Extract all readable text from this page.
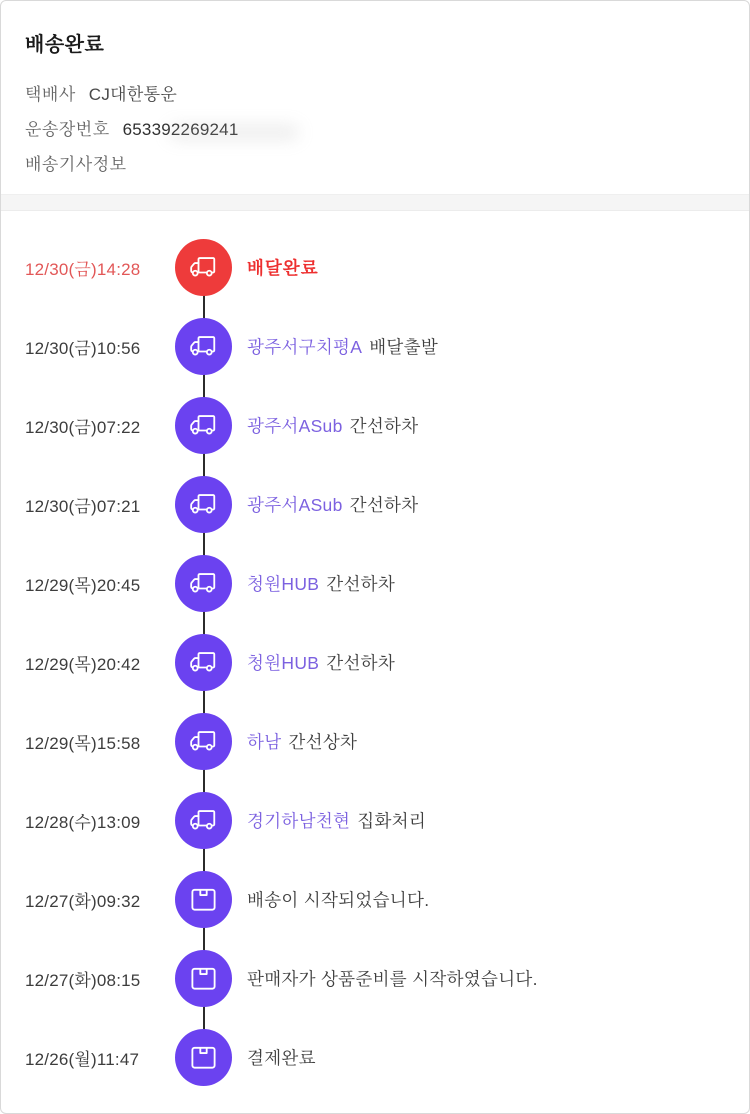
배송완료
택배사 CJ대한통운
운송장번호 653392269241
배송기사정보
12/30(금)14:28	배달완료
12/30(금)10:56	광주서구치평A 배달출발
12/30(금)07:22	광주서ASub 간선하차
12/30(금)07:21	광주서ASub 간선하차
12/29(목)20:45	청원HUB 간선하차
12/29(목)20:42	청원HUB 간선하차
12/29(목)15:58	하남 간선상차
12/28(수)13:09	경기하남천현 집화처리
12/27(화)09:32	배송이 시작되었습니다.
12/27(화)08:15	판매자가 상품준비를 시작하였습니다.
12/26(월)11:47	결제완료
